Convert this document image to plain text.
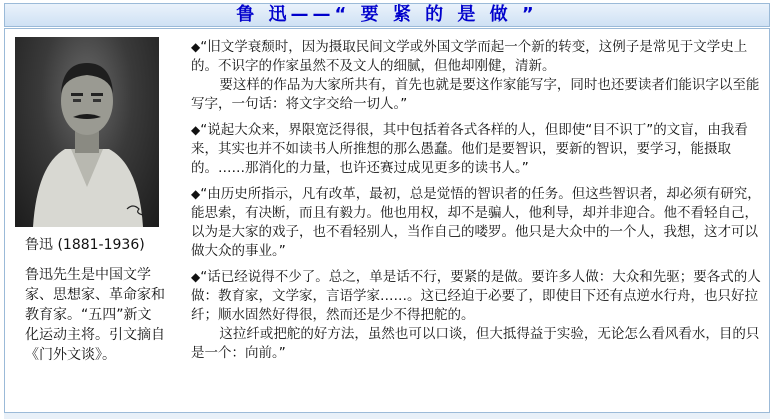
鲁 迅——“ 要 紧 的 是 做 ”
鲁迅 (1881-1936)
鲁迅先生是中国文学家、思想家、革命家和教育家。“五四”新文化运动主将。引文摘自《门外文谈》。

◆“旧文学衰颓时，因为摄取民间文学或外国文学而起一个新的转变，这例子是常见于文学史上的。不识字的作家虽然不及文人的细腻，但他却刚健，清新。

要这样的作品为大家所共有，首先也就是要这作家能写字，同时也还要读者们能识字以至能写字，一句话：将文字交给一切人。”

◆“说起大众来，界限宽泛得很，其中包括着各式各样的人，但即使“目不识丁”的文盲，由我看来，其实也并不如读书人所推想的那么愚蠢。他们是要智识，要新的智识，要学习，能摄取的。……那消化的力量，也许还赛过成见更多的读书人。”

◆“由历史所指示，凡有改革，最初，总是觉悟的智识者的任务。但这些智识者，却必须有研究，能思索，有决断，而且有毅力。他也用权，却不是骗人，他利导，却并非迎合。他不看轻自己，以为是大家的戏子，也不看轻别人，当作自己的喽罗。他只是大众中的一个人，我想，这才可以做大众的事业。”

◆“话已经说得不少了。总之，单是话不行，要紧的是做。要许多人做：大众和先驱；要各式的人做：教育家，文学家，言语学家……。这已经迫于必要了，即使目下还有点逆水行舟，也只好拉纤；顺水固然好得很，然而还是少不得把舵的。

这拉纤或把舵的好方法，虽然也可以口谈，但大抵得益于实验，无论怎么看风看水，目的只是一个：向前。”
